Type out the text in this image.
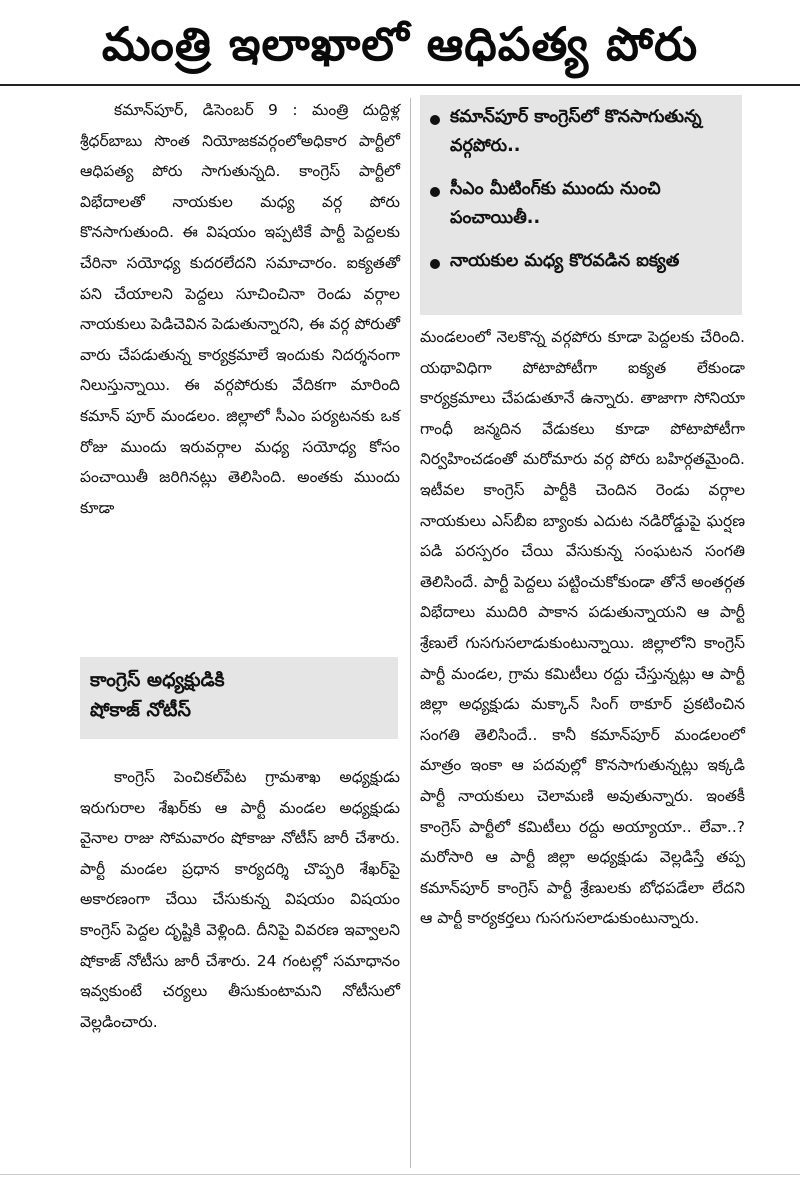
మంత్రి ఇలాఖాలో ఆధిపత్య పోరు

కమాన్‌పూర్, డిసెంబర్ 9 : మంత్రి దుద్దిళ్ల శ్రీధర్‌బాబు సొంత నియోజకవర్గంలోఅధికార పార్టీలో ఆధిపత్య పోరు సాగుతున్నది. కాంగ్రెస్ పార్టీలో విభేదాలతో నాయకుల మధ్య వర్గ పోరు కొనసాగుతుంది. ఈ విషయం ఇప్పటికే పార్టీ పెద్దలకు చేరినా సయోధ్య కుదరలేదని సమాచారం. ఐక్యతతో పని చేయాలని పెద్దలు సూచించినా రెండు వర్గాల నాయకులు పెడిచెవిన పెడుతున్నారని, ఈ వర్గ పోరుతో వారు చేపడుతున్న కార్యక్రమాలే ఇందుకు నిదర్శనంగా నిలుస్తున్నాయి. ఈ వర్గపోరుకు వేదికగా మారింది కమాన్ పూర్ మండలం. జిల్లాలో సీఎం పర్యటనకు ఒక రోజు ముందు ఇరువర్గాల మధ్య సయోధ్య కోసం పంచాయితీ జరిగినట్లు తెలిసింది. అంతకు ముందు కూడా

కాంగ్రెస్ అధ్యక్షుడికి
షోకాజ్ నోటీస్

కాంగ్రెస్ పెంచికల్‌పేట గ్రామశాఖ అధ్యక్షుడు ఇరుగురాల శేఖర్‌కు ఆ పార్టీ మండల అధ్యక్షుడు వైనాల రాజు సోమవారం షోకాజు నోటీస్ జారీ చేశారు. పార్టీ మండల ప్రధాన కార్యదర్శి చొప్పరి శేఖర్‌పై అకారణంగా చేయి చేసుకున్న విషయం విషయం కాంగ్రెస్ పెద్దల దృష్టికి వెళ్లింది. దీనిపై వివరణ ఇవ్వాలని షోకాజ్ నోటీసు జారీ చేశారు. 24 గంటల్లో సమాధానం ఇవ్వకుంటే చర్యలు తీసుకుంటామని నోటీసులో వెల్లడించారు.

కమాన్‌పూర్ కాంగ్రెస్‌లో కొనసాగుతున్న వర్గపోరు..
సీఎం మీటింగ్‌కు ముందు నుంచి పంచాయితీ..
నాయకుల మధ్య కొరవడిన ఐక్యత

మండలంలో నెలకొన్న వర్గపోరు కూడా పెద్దలకు చేరింది. యథావిధిగా పోటాపోటీగా ఐక్యత లేకుండా కార్యక్రమాలు చేపడుతూనే ఉన్నారు. తాజాగా సోనియా గాంధీ జన్మదిన వేడుకలు కూడా పోటాపోటీగా నిర్వహించడంతో మరోమారు వర్గ పోరు బహిర్గతమైంది. ఇటీవల కాంగ్రెస్ పార్టీకి చెందిన రెండు వర్గాల నాయకులు ఎస్‌బీఐ బ్యాంకు ఎదుట నడిరోడ్డుపై ఘర్షణ పడి పరస్పరం చేయి వేసుకున్న సంఘటన సంగతి తెలిసిందే. పార్టీ పెద్దలు పట్టించుకోకుండా తోనే అంతర్గత విభేదాలు ముదిరి పాకాన పడుతున్నాయని ఆ పార్టీ శ్రేణులే గుసగుసలాడుకుంటున్నాయి. జిల్లాలోని కాంగ్రెస్ పార్టీ మండల, గ్రామ కమిటీలు రద్దు చేస్తున్నట్లు ఆ పార్టీ జిల్లా అధ్యక్షుడు మక్కాన్ సింగ్ ఠాకూర్ ప్రకటించిన సంగతి తెలిసిందే.. కానీ కమాన్‌పూర్ మండలంలో మాత్రం ఇంకా ఆ పదవుల్లో కొనసాగుతున్నట్లు ఇక్కడి పార్టీ నాయకులు చెలామణి అవుతున్నారు. ఇంతకీ కాంగ్రెస్ పార్టీలో కమిటీలు రద్దు అయ్యాయా.. లేవా..? మరోసారి ఆ పార్టీ జిల్లా అధ్యక్షుడు వెల్లడిస్తే తప్ప కమాన్‌పూర్ కాంగ్రెస్ పార్టీ శ్రేణులకు బోధపడేలా లేదని ఆ పార్టీ కార్యకర్తలు గుసగుసలాడుకుంటున్నారు.
